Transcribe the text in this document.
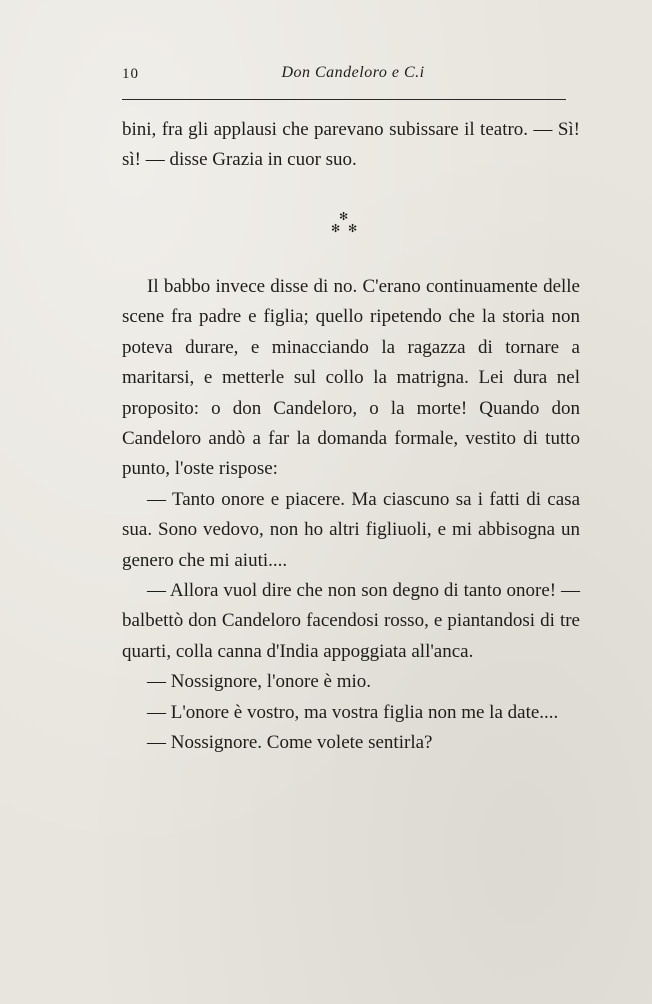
10	Don Candeloro e C.i

bini, fra gli applausi che parevano subissare il teatro. — Sì! sì! — disse Grazia in cuor suo.

✻
✻ ✻

Il babbo invece disse di no. C'erano continuamente delle scene fra padre e figlia; quello ripetendo che la storia non poteva durare, e minacciando la ragazza di tornare a maritarsi, e metterle sul collo la matrigna. Lei dura nel proposito: o don Candeloro, o la morte! Quando don Candeloro andò a far la domanda formale, vestito di tutto punto, l'oste rispose:

— Tanto onore e piacere. Ma ciascuno sa i fatti di casa sua. Sono vedovo, non ho altri figliuoli, e mi abbisogna un genero che mi aiuti....

— Allora vuol dire che non son degno di tanto onore! — balbettò don Candeloro facendosi rosso, e piantandosi di tre quarti, colla canna d'India appoggiata all'anca.

— Nossignore, l'onore è mio.

— L'onore è vostro, ma vostra figlia non me la date....

— Nossignore. Come volete sentirla?
